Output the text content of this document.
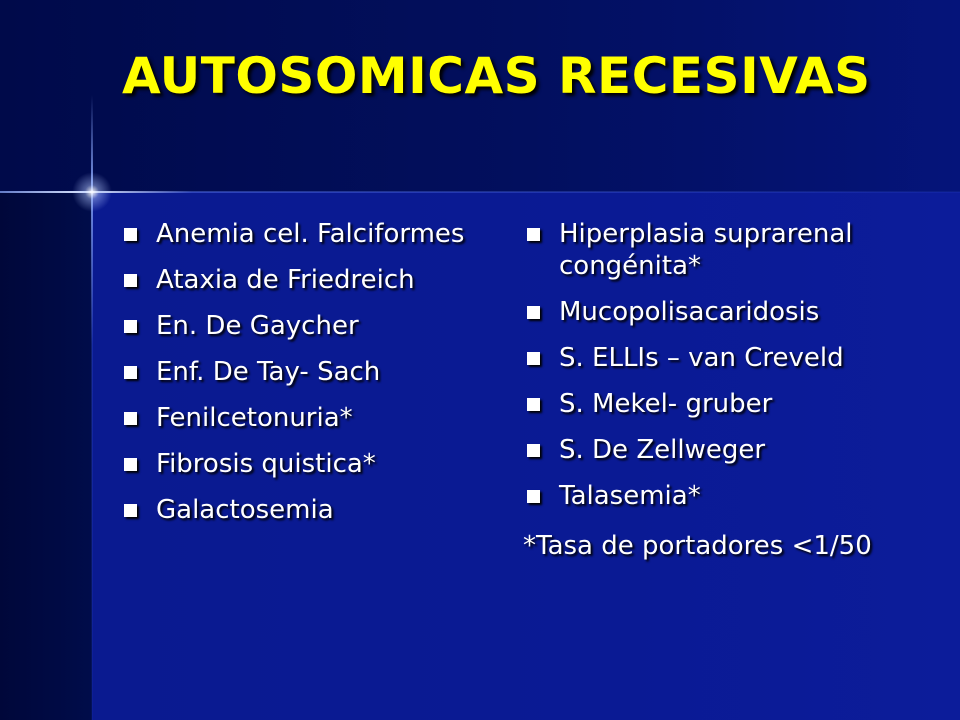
AUTOSOMICAS RECESIVAS
Anemia cel. Falciformes
Ataxia de Friedreich
En. De Gaycher
Enf. De Tay- Sach
Fenilcetonuria*
Fibrosis quistica*
Galactosemia
Hiperplasia suprarenal congénita*
Mucopolisacaridosis
S. ELLIs – van Creveld
S. Mekel- gruber
S. De Zellweger
Talasemia*

*Tasa de portadores <1/50
